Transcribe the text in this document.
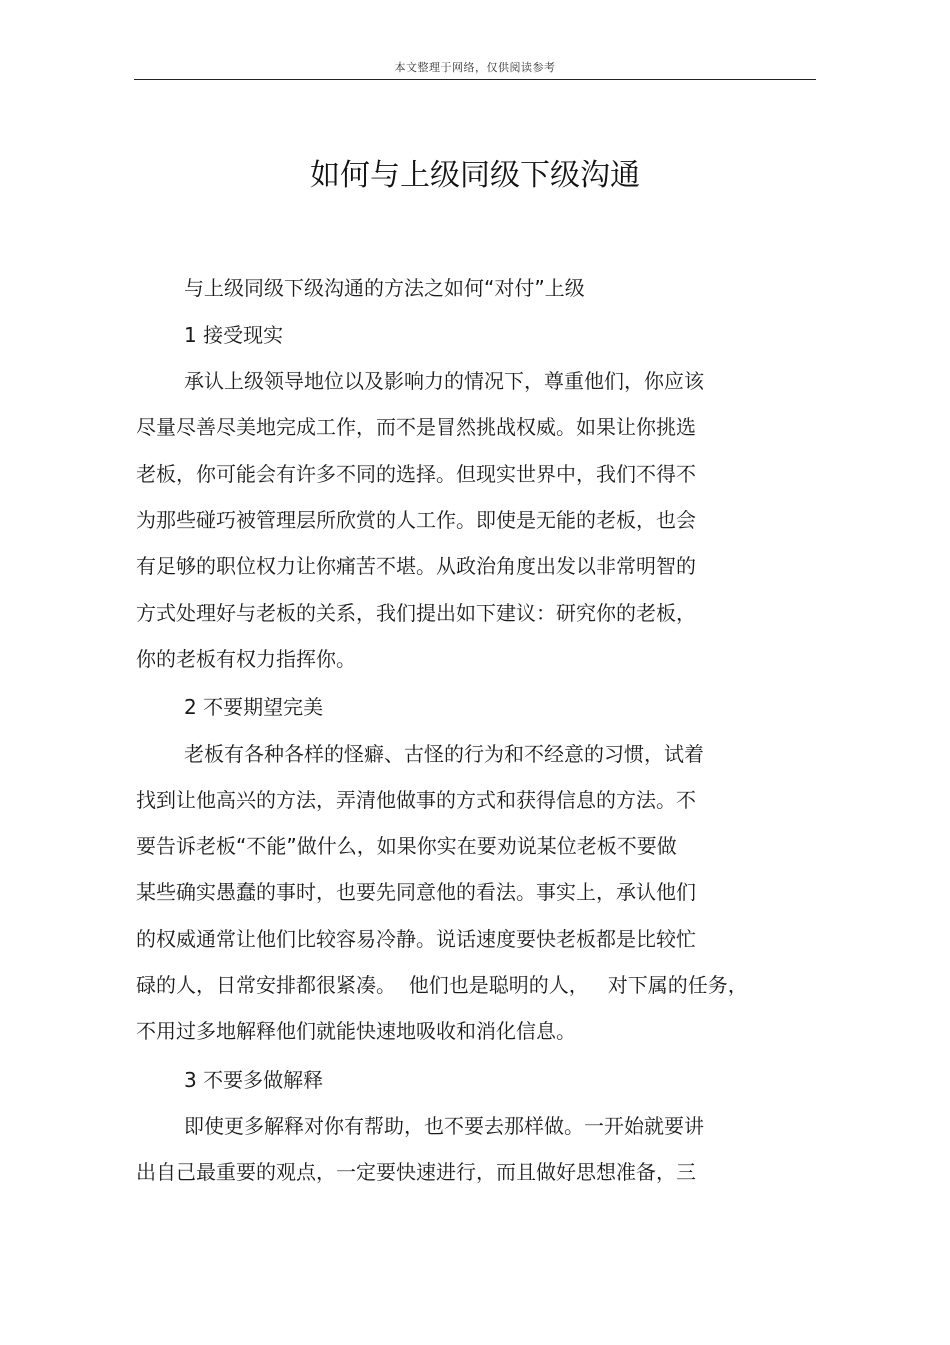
本文整理于网络，仅供阅读参考
如何与上级同级下级沟通
与上级同级下级沟通的方法之如何“对付”上级
1 接受现实
承认上级领导地位以及影响力的情况下，尊重他们，你应该
尽量尽善尽美地完成工作，而不是冒然挑战权威。如果让你挑选
老板，你可能会有许多不同的选择。但现实世界中，我们不得不
为那些碰巧被管理层所欣赏的人工作。即使是无能的老板，也会
有足够的职位权力让你痛苦不堪。从政治角度出发以非常明智的
方式处理好与老板的关系，我们提出如下建议：研究你的老板，
你的老板有权力指挥你。
2 不要期望完美
老板有各种各样的怪癖、古怪的行为和不经意的习惯，试着
找到让他高兴的方法，弄清他做事的方式和获得信息的方法。不
要告诉老板“不能”做什么，如果你实在要劝说某位老板不要做
某些确实愚蠢的事时，也要先同意他的看法。事实上，承认他们
的权威通常让他们比较容易冷静。说话速度要快老板都是比较忙
碌的人，日常安排都很紧凑。  他们也是聪明的人，   对下属的任务，
不用过多地解释他们就能快速地吸收和消化信息。
3 不要多做解释
即使更多解释对你有帮助，也不要去那样做。一开始就要讲
出自己最重要的观点，一定要快速进行，而且做好思想准备，三
